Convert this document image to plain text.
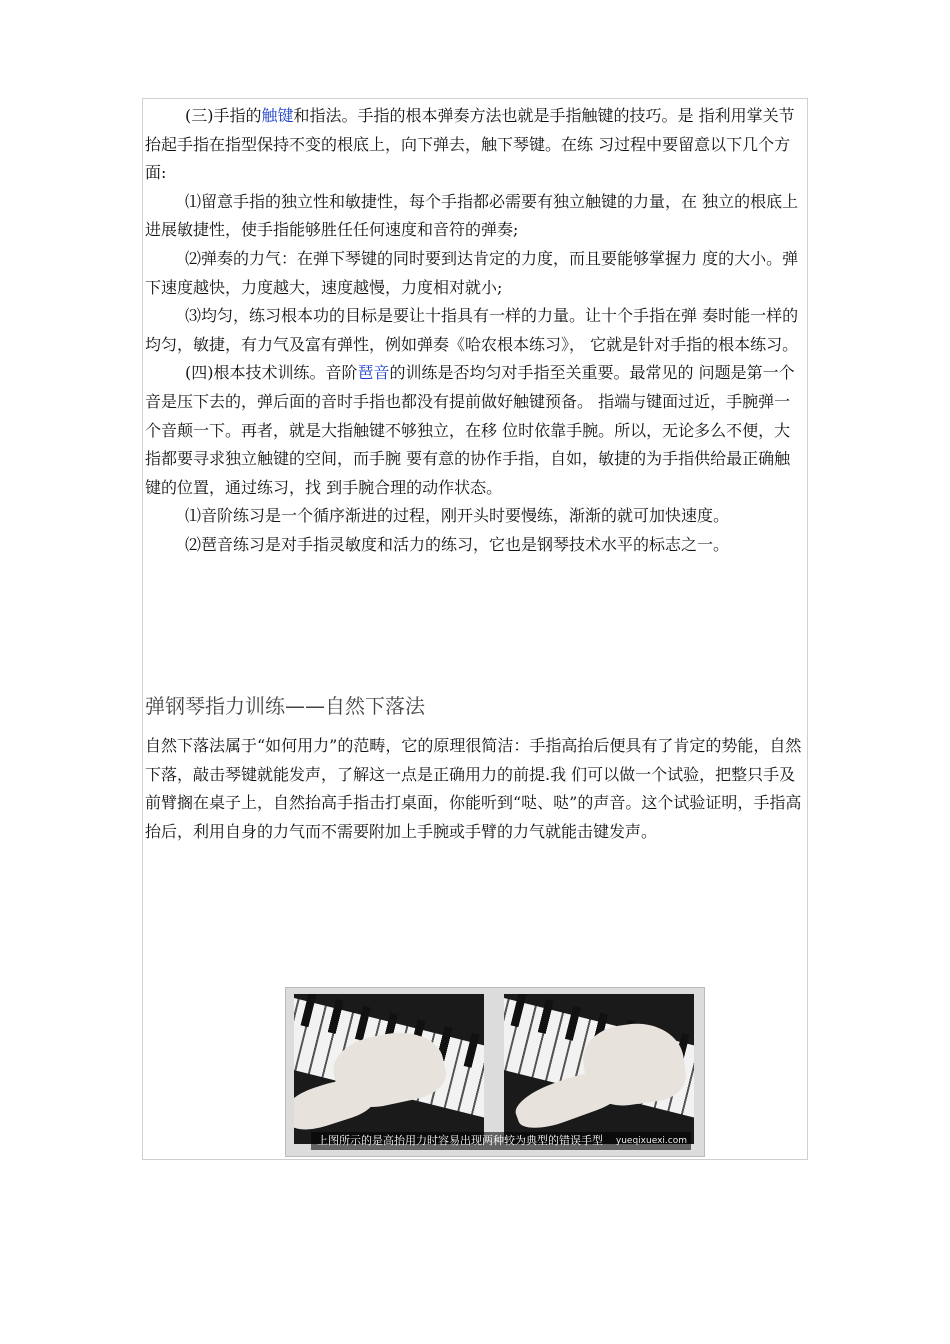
(三)手指的触键和指法。手指的根本弹奏方法也就是手指触键的技巧。是 指利用掌关节抬起手指在指型保持不变的根底上，向下弹去，触下琴键。在练 习过程中要留意以下几个方面:

⑴留意手指的独立性和敏捷性，每个手指都必需要有独立触键的力量，在 独立的根底上进展敏捷性，使手指能够胜任任何速度和音符的弹奏;

⑵弹奏的力气：在弹下琴键的同时要到达肯定的力度，而且要能够掌握力 度的大小。弹下速度越快，力度越大，速度越慢，力度相对就小;

⑶均匀，练习根本功的目标是要让十指具有一样的力量。让十个手指在弹 奏时能一样的均匀，敏捷，有力气及富有弹性，例如弹奏《哈农根本练习》， 它就是针对手指的根本练习。

(四)根本技术训练。音阶琶音的训练是否均匀对手指至关重要。最常见的 问题是第一个音是压下去的，弹后面的音时手指也都没有提前做好触键预备。 指端与键面过近，手腕弹一个音颠一下。再者，就是大指触键不够独立，在移 位时依靠手腕。所以，无论多么不便，大指都要寻求独立触键的空间，而手腕 要有意的协作手指，自如，敏捷的为手指供给最正确触键的位置，通过练习，找 到手腕合理的动作状态。

⑴音阶练习是一个循序渐进的过程，刚开头时要慢练，渐渐的就可加快速度。

⑵琶音练习是对手指灵敏度和活力的练习，它也是钢琴技术水平的标志之一。

弹钢琴指力训练——自然下落法

自然下落法属于“如何用力”的范畴，它的原理很简洁：手指高抬后便具有了肯定的势能，自然下落，敲击琴键就能发声，了解这一点是正确用力的前提.我 们可以做一个试验，把整只手及前臂搁在桌子上，自然抬高手指击打桌面，你能听到“哒、哒”的声音。这个试验证明，手指高抬后，利用自身的力气而不需要附加上手腕或手臂的力气就能击键发声。

上图所示的是高抬用力时容易出现两种较为典型的错误手型 yueqixuexi.com
